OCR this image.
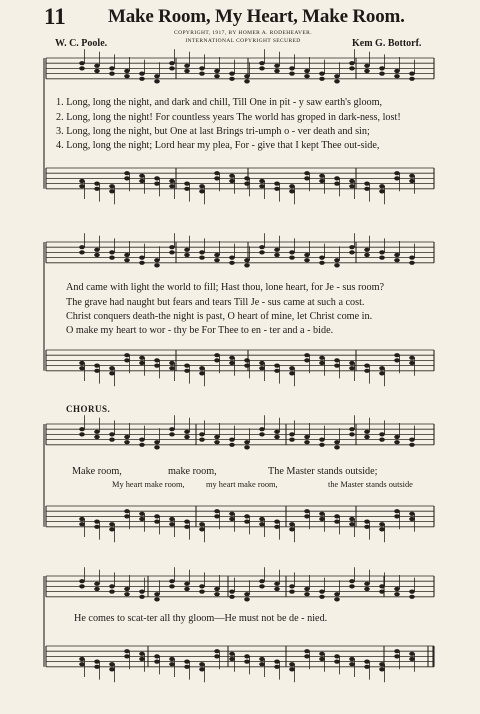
11 Make Room, My Heart, Make Room.
COPYRIGHT, 1917, BY HOMER A. RODEHEAVER.
INTERNATIONAL COPYRIGHT SECURED
W. C. Poole.	Kem G. Bottorf.
1. Long, long the night, and dark and chill, Till One in pit - y saw earth's gloom,
2. Long, long the night! For countless years The world has groped in dark-ness, lost!
3. Long, long the night, but One at last Brings tri-umph o - ver death and sin;
4. Long, long the night; Lord hear my plea, For - give that I kept Thee out-side,
And came with light the world to fill; Hast thou, lone heart, for Je - sus room?
The grave had naught but fears and tears Till Je - sus came at such a cost.
Christ conquers death-the night is past, O heart of mine, let Christ come in.
O make my heart to wor - thy be For Thee to en - ter and a - bide.
CHORUS.
Make room,	make room,	The Master stands outside;
My heart make room,	my heart make room,	the Master stands outside
He comes to scat-ter all thy gloom—He must not be de - nied.
